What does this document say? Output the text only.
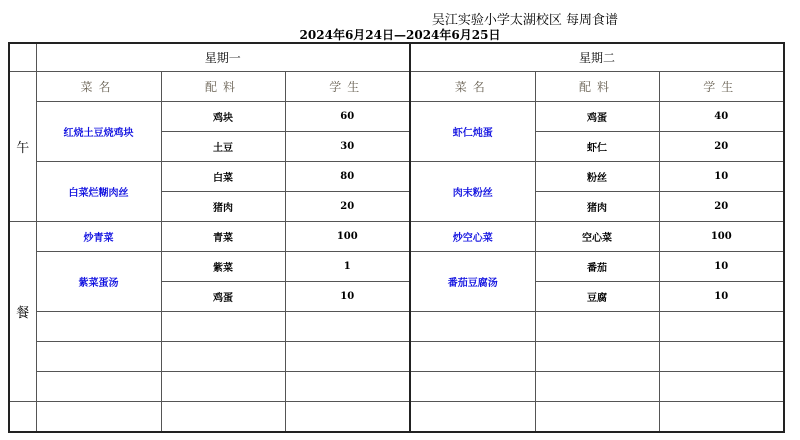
吴江实验小学太湖校区 每周食谱
2024年6月24日—2024年6月25日
	星期一			星期二		
午	菜名	配料	学生	菜名	配料	学生
	红烧土豆烧鸡块	鸡块	60	虾仁炖蛋	鸡蛋	40
		土豆	30		虾仁	20
	白菜烂糊肉丝	白菜	80	肉末粉丝	粉丝	10
		猪肉	20		猪肉	20
餐	炒青菜	青菜	100	炒空心菜	空心菜	100
	紫菜蛋汤	紫菜	1	番茄豆腐汤	番茄	10
		鸡蛋	10		豆腐	10
